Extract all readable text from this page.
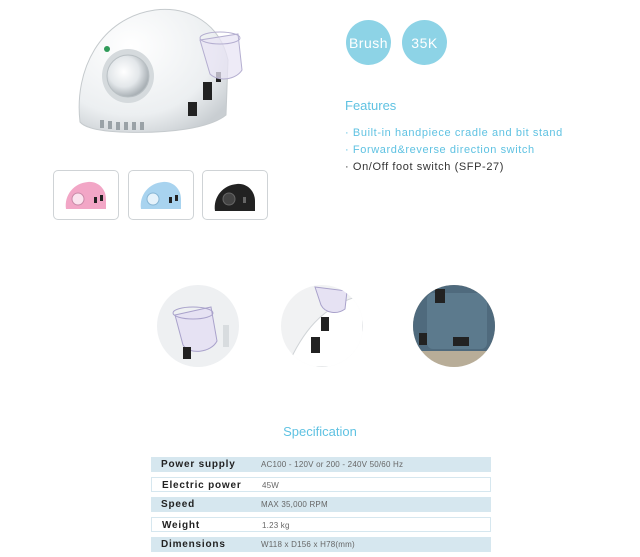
Brush	35K
Features
· Built-in handpiece cradle and bit stand
· Forward&reverse direction switch
· On/Off foot switch (SFP-27)
Specification
Power supply	AC100 - 120V or 200 - 240V 50/60 Hz
Electric power	45W
Speed	MAX 35,000 RPM
Weight	1.23 kg
Dimensions	W118 x D156 x H78(mm)
